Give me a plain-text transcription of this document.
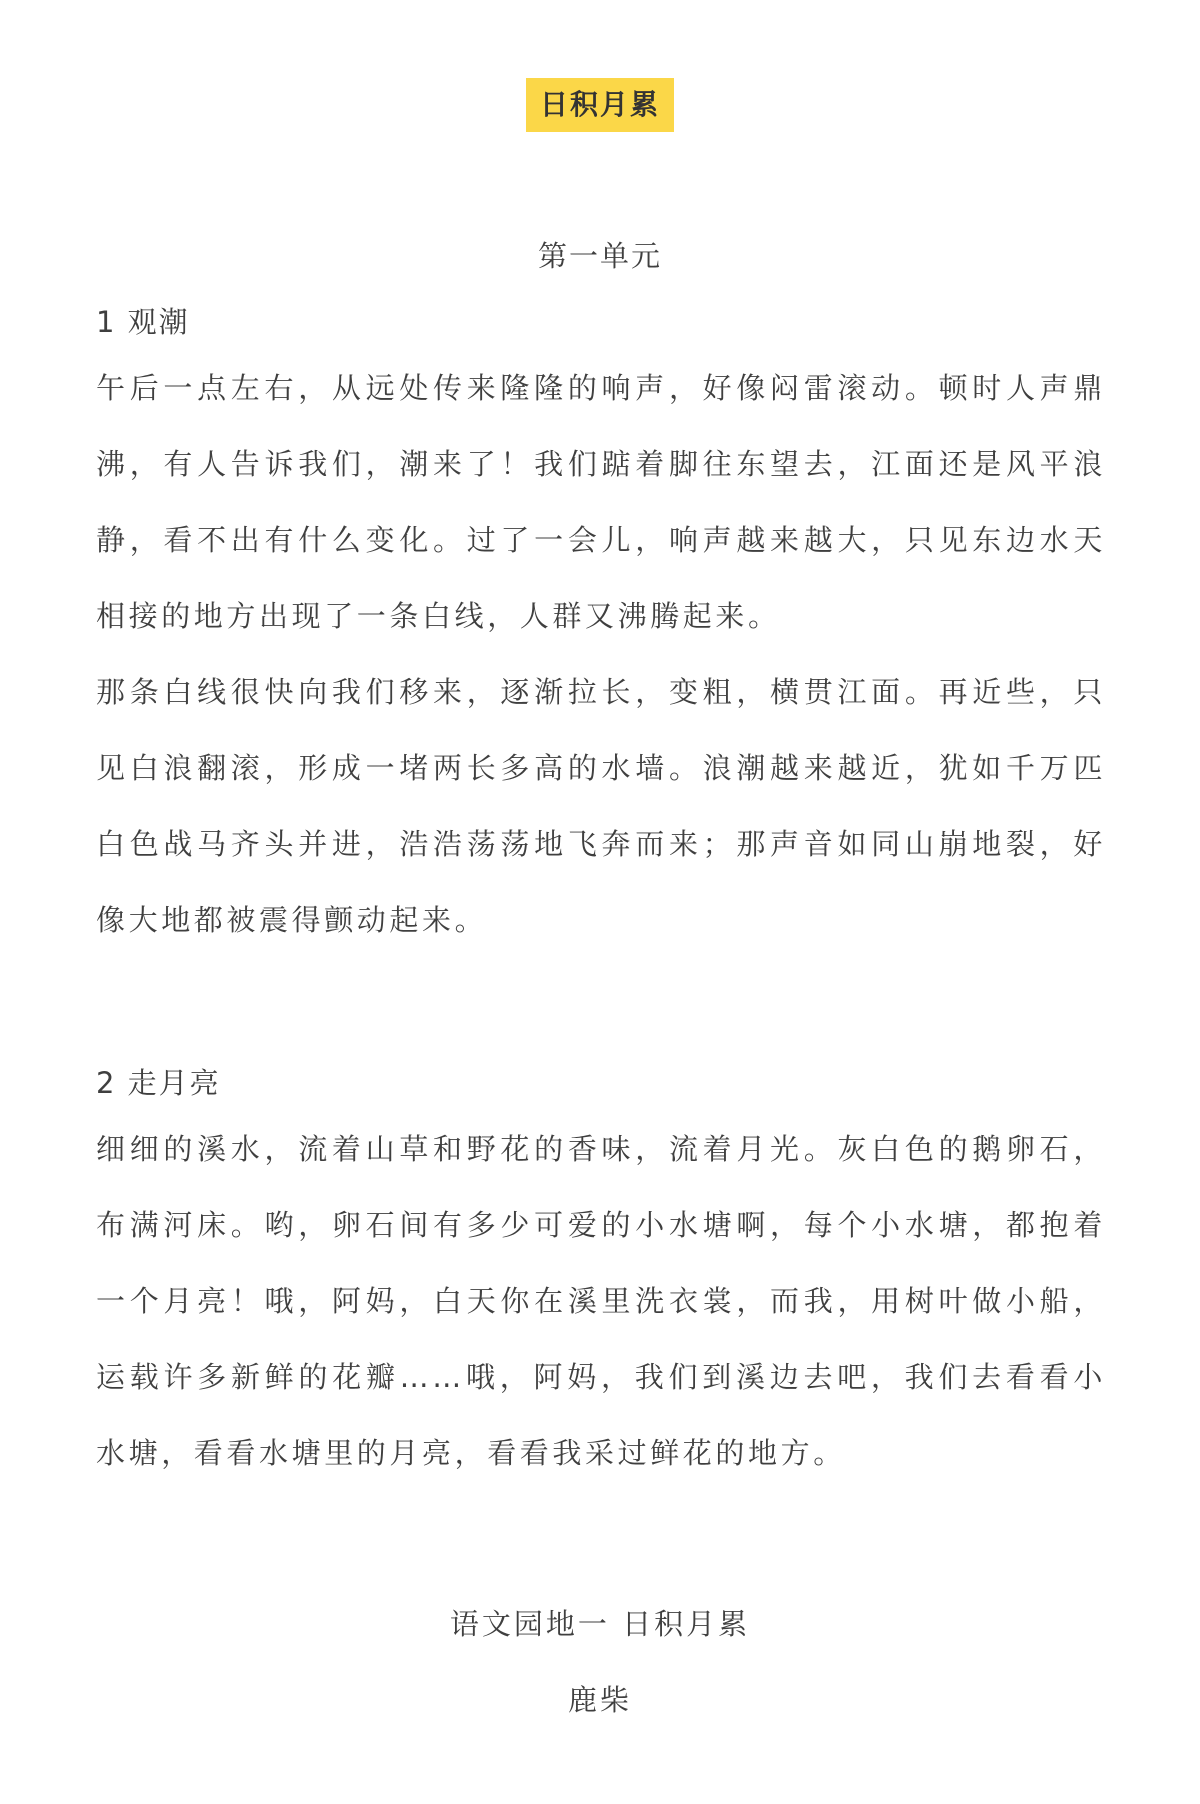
日积月累
第一单元
1 观潮
午后一点左右，从远处传来隆隆的响声，好像闷雷滚动。顿时人声鼎沸，有人告诉我们，潮来了！我们踮着脚往东望去，江面还是风平浪静，看不出有什么变化。过了一会儿，响声越来越大，只见东边水天相接的地方出现了一条白线，人群又沸腾起来。
那条白线很快向我们移来，逐渐拉长，变粗，横贯江面。再近些，只见白浪翻滚，形成一堵两长多高的水墙。浪潮越来越近，犹如千万匹白色战马齐头并进，浩浩荡荡地飞奔而来；那声音如同山崩地裂，好像大地都被震得颤动起来。
2 走月亮
细细的溪水，流着山草和野花的香味，流着月光。灰白色的鹅卵石，布满河床。哟，卵石间有多少可爱的小水塘啊，每个小水塘，都抱着一个月亮！哦，阿妈，白天你在溪里洗衣裳，而我，用树叶做小船，运载许多新鲜的花瓣……哦，阿妈，我们到溪边去吧，我们去看看小水塘，看看水塘里的月亮，看看我采过鲜花的地方。
语文园地一 日积月累
鹿柴
